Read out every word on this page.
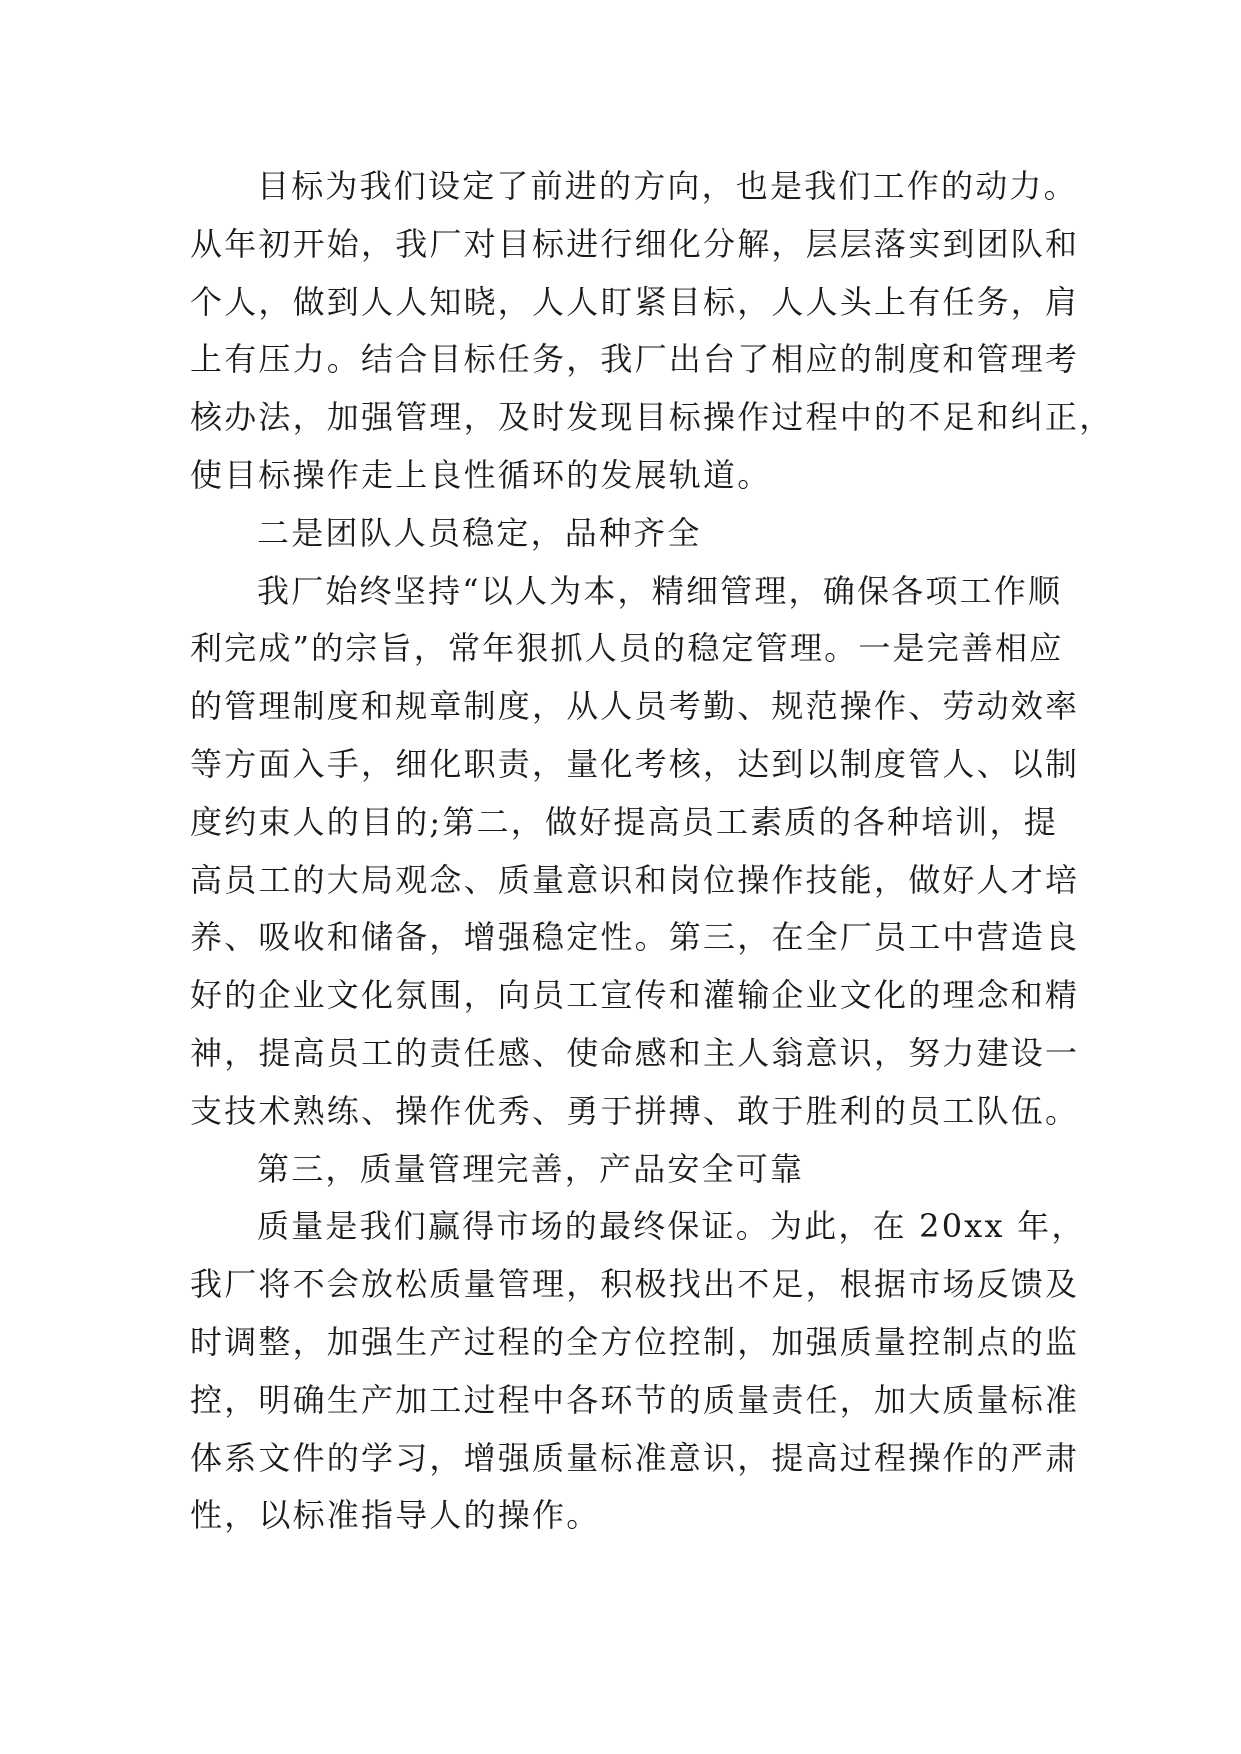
目标为我们设定了前进的方向，也是我们工作的动力。
从年初开始，我厂对目标进行细化分解，层层落实到团队和
个人，做到人人知晓，人人盯紧目标，人人头上有任务，肩
上有压力。结合目标任务，我厂出台了相应的制度和管理考
核办法，加强管理，及时发现目标操作过程中的不足和纠正，
使目标操作走上良性循环的发展轨道。
二是团队人员稳定，品种齐全
我厂始终坚持“以人为本，精细管理，确保各项工作顺
利完成”的宗旨，常年狠抓人员的稳定管理。一是完善相应
的管理制度和规章制度，从人员考勤、规范操作、劳动效率
等方面入手，细化职责，量化考核，达到以制度管人、以制
度约束人的目的;第二，做好提高员工素质的各种培训，提
高员工的大局观念、质量意识和岗位操作技能，做好人才培
养、吸收和储备，增强稳定性。第三，在全厂员工中营造良
好的企业文化氛围，向员工宣传和灌输企业文化的理念和精
神，提高员工的责任感、使命感和主人翁意识，努力建设一
支技术熟练、操作优秀、勇于拼搏、敢于胜利的员工队伍。
第三，质量管理完善，产品安全可靠
质量是我们赢得市场的最终保证。为此，在 20xx 年，
我厂将不会放松质量管理，积极找出不足，根据市场反馈及
时调整，加强生产过程的全方位控制，加强质量控制点的监
控，明确生产加工过程中各环节的质量责任，加大质量标准
体系文件的学习，增强质量标准意识，提高过程操作的严肃
性，以标准指导人的操作。
